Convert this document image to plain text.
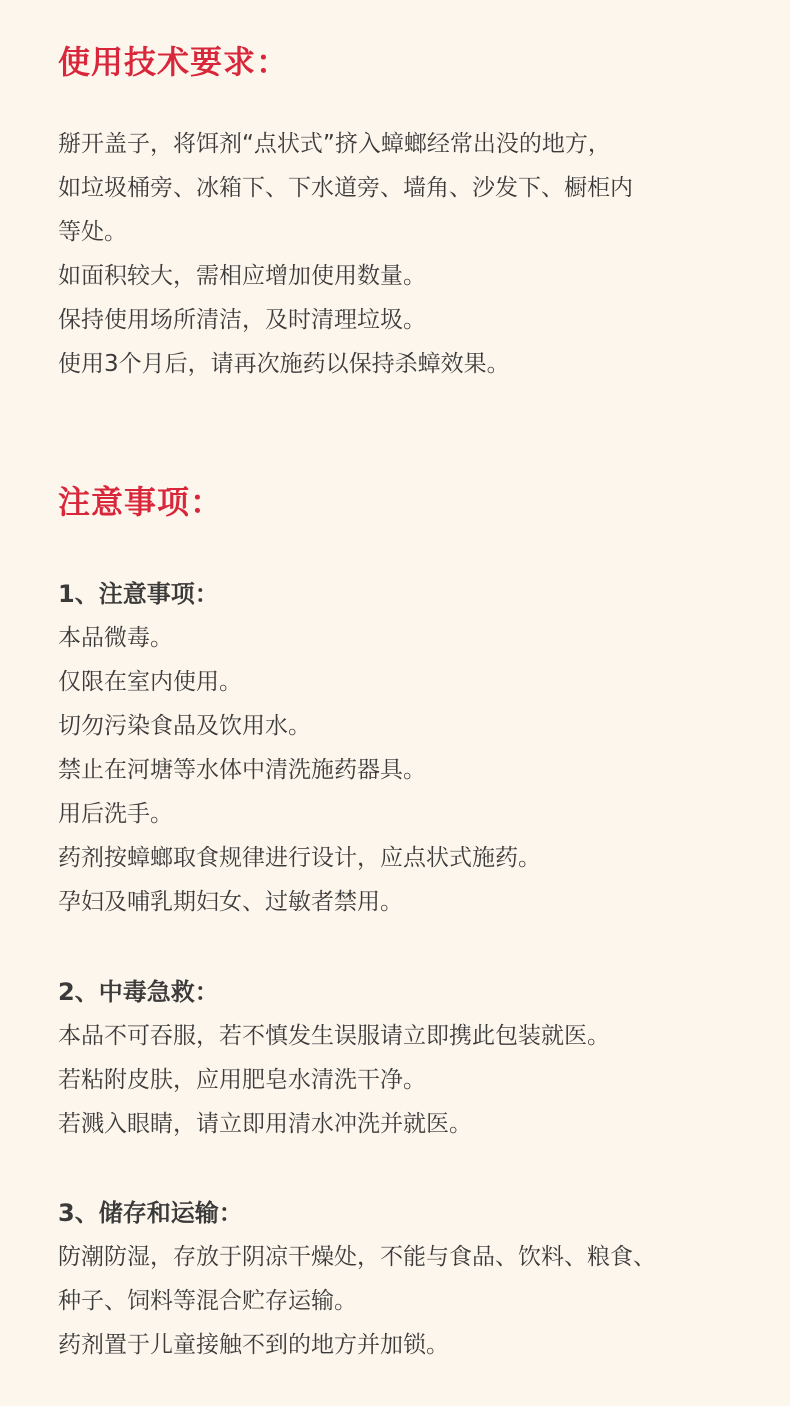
使用技术要求：
掰开盖子，将饵剂“点状式”挤入蟑螂经常出没的地方，
如垃圾桶旁、冰箱下、下水道旁、墙角、沙发下、橱柜内
等处。
如面积较大，需相应增加使用数量。
保持使用场所清洁，及时清理垃圾。
使用3个月后，请再次施药以保持杀蟑效果。
注意事项：
1、注意事项：
本品微毒。
仅限在室内使用。
切勿污染食品及饮用水。
禁止在河塘等水体中清洗施药器具。
用后洗手。
药剂按蟑螂取食规律进行设计，应点状式施药。
孕妇及哺乳期妇女、过敏者禁用。
2、中毒急救：
本品不可吞服，若不慎发生误服请立即携此包装就医。
若粘附皮肤，应用肥皂水清洗干净。
若溅入眼睛，请立即用清水冲洗并就医。
3、储存和运输：
防潮防湿，存放于阴凉干燥处，不能与食品、饮料、粮食、
种子、饲料等混合贮存运输。
药剂置于儿童接触不到的地方并加锁。
